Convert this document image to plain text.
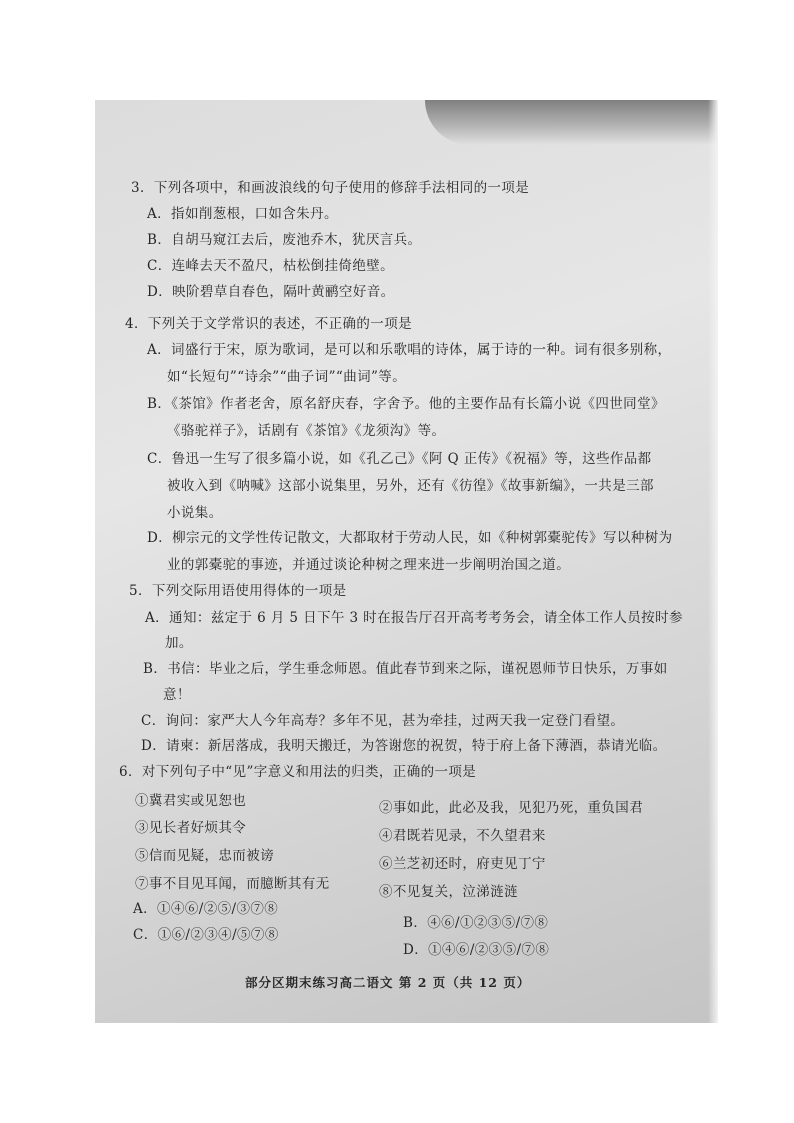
3．下列各项中，和画波浪线的句子使用的修辞手法相同的一项是
A．指如削葱根，口如含朱丹。
B．自胡马窥江去后，废池乔木，犹厌言兵。
C．连峰去天不盈尺，枯松倒挂倚绝壁。
D．映阶碧草自春色，隔叶黄鹂空好音。
4．下列关于文学常识的表述，不正确的一项是
A．词盛行于宋，原为歌词，是可以和乐歌唱的诗体，属于诗的一种。词有很多别称，
如“长短句”“诗余”“曲子词”“曲词”等。
B．《茶馆》作者老舍，原名舒庆春，字舍予。他的主要作品有长篇小说《四世同堂》
《骆驼祥子》，话剧有《茶馆》《龙须沟》等。
C．鲁迅一生写了很多篇小说，如《孔乙己》《阿 Q 正传》《祝福》等，这些作品都
被收入到《呐喊》这部小说集里，另外，还有《彷徨》《故事新编》，一共是三部
小说集。
D．柳宗元的文学性传记散文，大都取材于劳动人民，如《种树郭橐驼传》写以种树为
业的郭橐驼的事迹，并通过谈论种树之理来进一步阐明治国之道。
5．下列交际用语使用得体的一项是
A．通知：兹定于 6 月 5 日下午 3 时在报告厅召开高考考务会，请全体工作人员按时参
加。
B．书信：毕业之后，学生垂念师恩。值此春节到来之际，谨祝恩师节日快乐，万事如
意！
C．询问：家严大人今年高寿？多年不见，甚为牵挂，过两天我一定登门看望。
D．请柬：新居落成，我明天搬迁，为答谢您的祝贺，特于府上备下薄酒，恭请光临。
6．对下列句子中“见”字意义和用法的归类，正确的一项是
①冀君实或见恕也	②事如此，此必及我，见犯乃死，重负国君
③见长者好烦其令	④君既若见录，不久望君来
⑤信而见疑，忠而被谤	⑥兰芝初还时，府吏见丁宁
⑦事不目见耳闻，而臆断其有无	⑧不见复关，泣涕涟涟
A．①④⑥/②⑤/③⑦⑧
B．④⑥/①②③⑤/⑦⑧
C．①⑥/②③④/⑤⑦⑧
D．①④⑥/②③⑤/⑦⑧
部分区期末练习高二语文 第 2 页（共 12 页）
